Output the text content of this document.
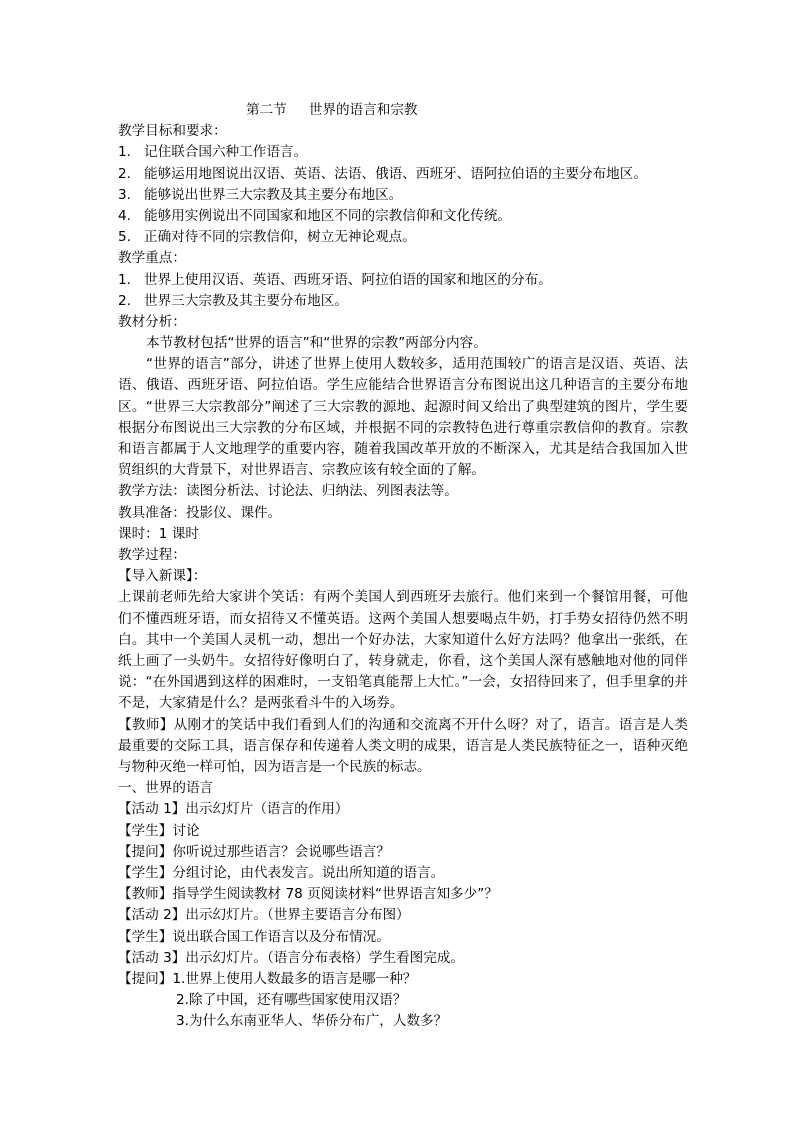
第二节 世界的语言和宗教
教学目标和要求：
1. 记住联合国六种工作语言。
2. 能够运用地图说出汉语、英语、法语、俄语、西班牙、语阿拉伯语的主要分布地区。
3. 能够说出世界三大宗教及其主要分布地区。
4. 能够用实例说出不同国家和地区不同的宗教信仰和文化传统。
5. 正确对待不同的宗教信仰，树立无神论观点。
教学重点：
1. 世界上使用汉语、英语、西班牙语、阿拉伯语的国家和地区的分布。
2. 世界三大宗教及其主要分布地区。
教材分析：

本节教材包括“世界的语言”和“世界的宗教”两部分内容。

“世界的语言”部分，讲述了世界上使用人数较多，适用范围较广的语言是汉语、英语、法语、俄语、西班牙语、阿拉伯语。学生应能结合世界语言分布图说出这几种语言的主要分布地区。“世界三大宗教部分”阐述了三大宗教的源地、起源时间又给出了典型建筑的图片，学生要根据分布图说出三大宗教的分布区域，并根据不同的宗教特色进行尊重宗教信仰的教育。宗教和语言都属于人文地理学的重要内容，随着我国改革开放的不断深入，尤其是结合我国加入世贸组织的大背景下，对世界语言、宗教应该有较全面的了解。

教学方法：读图分析法、讨论法、归纳法、列图表法等。
教具准备：投影仪、课件。
课时：1 课时
教学过程：
【导入新课】：

上课前老师先给大家讲个笑话：有两个美国人到西班牙去旅行。他们来到一个餐馆用餐，可他们不懂西班牙语，而女招待又不懂英语。这两个美国人想要喝点牛奶，打手势女招待仍然不明白。其中一个美国人灵机一动，想出一个好办法，大家知道什么好方法吗？他拿出一张纸，在纸上画了一头奶牛。女招待好像明白了，转身就走，你看，这个美国人深有感触地对他的同伴说：“在外国遇到这样的困难时，一支铅笔真能帮上大忙。”一会，女招待回来了，但手里拿的并不是，大家猜是什么？是两张看斗牛的入场券。

【教师】从刚才的笑话中我们看到人们的沟通和交流离不开什么呀？对了，语言。语言是人类最重要的交际工具，语言保存和传递着人类文明的成果，语言是人类民族特征之一，语种灭绝与物种灭绝一样可怕，因为语言是一个民族的标志。

一、世界的语言
【活动 1】出示幻灯片（语言的作用）
【学生】讨论
【提问】你听说过那些语言？会说哪些语言？
【学生】分组讨论，由代表发言。说出所知道的语言。
【教师】指导学生阅读教材 78 页阅读材料“世界语言知多少”？
【活动 2】出示幻灯片。（世界主要语言分布图）
【学生】说出联合国工作语言以及分布情况。
【活动 3】出示幻灯片。（语言分布表格）学生看图完成。
【提问】1.世界上使用人数最多的语言是哪一种？
2.除了中国，还有哪些国家使用汉语？
3.为什么东南亚华人、华侨分布广，人数多？
